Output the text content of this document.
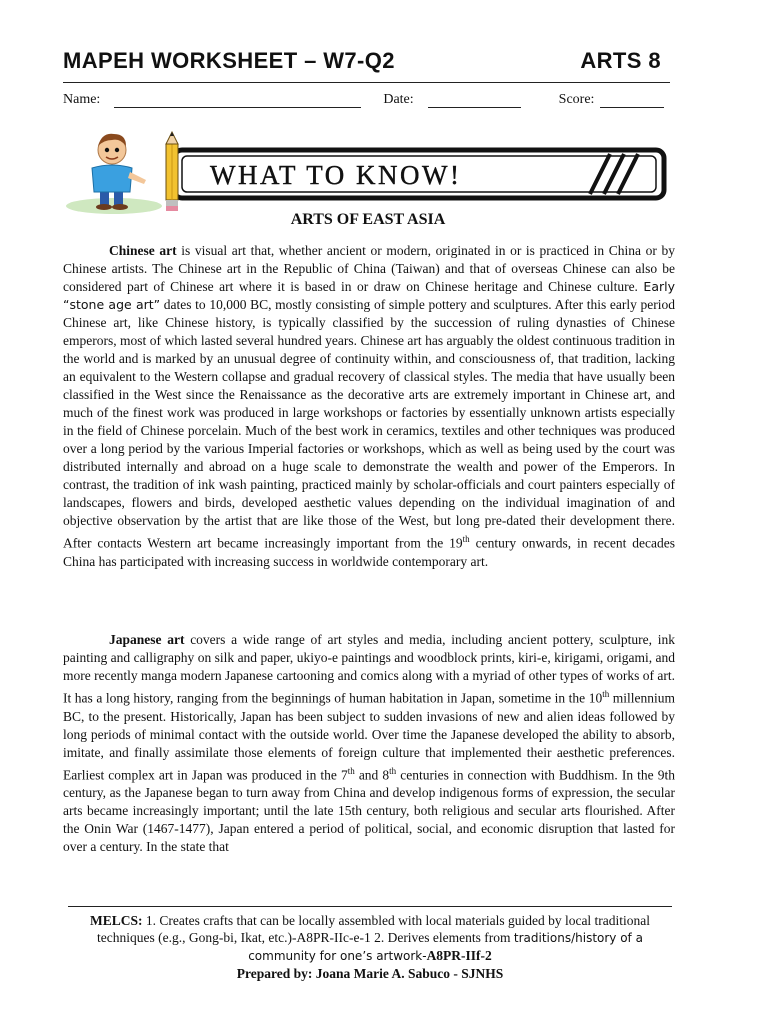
MAPEH WORKSHEET – W7-Q2	ARTS 8
Name:	Date:	Score:
WHAT TO KNOW!
ARTS OF EAST ASIA
Chinese art is visual art that, whether ancient or modern, originated in or is practiced in China or by Chinese artists. The Chinese art in the Republic of China (Taiwan) and that of overseas Chinese can also be considered part of Chinese art where it is based in or draw on Chinese heritage and Chinese culture. Early “stone age art” dates to 10,000 BC, mostly consisting of simple pottery and sculptures. After this early period Chinese art, like Chinese history, is typically classified by the succession of ruling dynasties of Chinese emperors, most of which lasted several hundred years. Chinese art has arguably the oldest continuous tradition in the world and is marked by an unusual degree of continuity within, and consciousness of, that tradition, lacking an equivalent to the Western collapse and gradual recovery of classical styles. The media that have usually been classified in the West since the Renaissance as the decorative arts are extremely important in Chinese art, and much of the finest work was produced in large workshops or factories by essentially unknown artists especially in the field of Chinese porcelain. Much of the best work in ceramics, textiles and other techniques was produced over a long period by the various Imperial factories or workshops, which as well as being used by the court was distributed internally and abroad on a huge scale to demonstrate the wealth and power of the Emperors. In contrast, the tradition of ink wash painting, practiced mainly by scholar-officials and court painters especially of landscapes, flowers and birds, developed aesthetic values depending on the individual imagination of and objective observation by the artist that are like those of the West, but long pre-dated their development there. After contacts Western art became increasingly important from the 19th century onwards, in recent decades China has participated with increasing success in worldwide contemporary art.
Japanese art covers a wide range of art styles and media, including ancient pottery, sculpture, ink painting and calligraphy on silk and paper, ukiyo-e paintings and woodblock prints, kiri-e, kirigami, origami, and more recently manga modern Japanese cartooning and comics along with a myriad of other types of works of art. It has a long history, ranging from the beginnings of human habitation in Japan, sometime in the 10th millennium BC, to the present. Historically, Japan has been subject to sudden invasions of new and alien ideas followed by long periods of minimal contact with the outside world. Over time the Japanese developed the ability to absorb, imitate, and finally assimilate those elements of foreign culture that implemented their aesthetic preferences. Earliest complex art in Japan was produced in the 7th and 8th centuries in connection with Buddhism. In the 9th century, as the Japanese began to turn away from China and develop indigenous forms of expression, the secular arts became increasingly important; until the late 15th century, both religious and secular arts flourished. After the Onin War (1467-1477), Japan entered a period of political, social, and economic disruption that lasted for over a century. In the state that
MELCS: 1. Creates crafts that can be locally assembled with local materials guided by local traditional techniques (e.g., Gong-bi, Ikat, etc.)-A8PR-IIc-e-1 2. Derives elements from traditions/history of a community for one’s artwork-A8PR-IIf-2
Prepared by: Joana Marie A. Sabuco - SJNHS
